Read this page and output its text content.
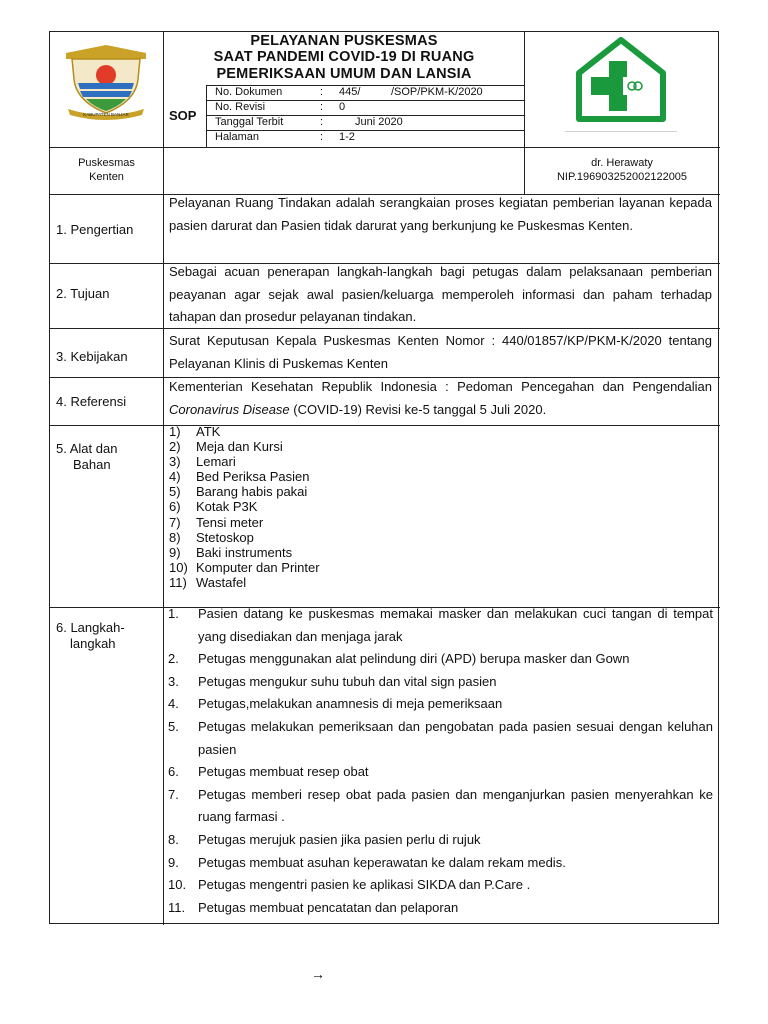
KABUPATEN BANJAR
PELAYANAN PUSKESMAS
SAAT PANDEMI COVID-19 DI RUANG
PEMERIKSAAN UMUM DAN LANSIA
SOP
No. Dokumen	: 445/          /SOP/PKM-K/2020
No. Revisi	: 0
Tanggal Terbit	:	Juni 2020
Halaman	: 1-2
Puskesmas
Kenten
dr. Herawaty
NIP.196903252002122005
1. Pengertian
Pelayanan Ruang Tindakan adalah serangkaian proses kegiatan pemberian layanan kepada pasien darurat dan Pasien tidak darurat yang berkunjung ke Puskesmas Kenten.
2. Tujuan
Sebagai acuan penerapan langkah-langkah bagi petugas dalam pelaksanaan pemberian peayanan agar sejak awal pasien/keluarga memperoleh informasi dan paham terhadap tahapan dan prosedur pelayanan tindakan.
3. Kebijakan
Surat Keputusan Kepala Puskesmas Kenten Nomor : 440/01857/KP/PKM-K/2020 tentang Pelayanan Klinis di Puskemas Kenten
4. Referensi
Kementerian Kesehatan Republik Indonesia : Pedoman Pencegahan dan Pengendalian Coronavirus Disease (COVID-19) Revisi ke-5 tanggal 5 Juli 2020.
5. Alat dan
Bahan
1)	ATK
2)	Meja dan Kursi
3)	Lemari
4)	Bed Periksa Pasien
5)	Barang habis pakai
6)	Kotak P3K
7)	Tensi meter
8)	Stetoskop
9)	Baki instruments
10) Komputer dan Printer
11) Wastafel
6. Langkah-
langkah
1.	Pasien datang ke puskesmas memakai masker dan melakukan cuci tangan di tempat yang disediakan dan menjaga jarak
2.	Petugas menggunakan alat pelindung diri (APD) berupa masker dan Gown
3.	Petugas mengukur suhu tubuh dan vital sign pasien
4.	Petugas,melakukan anamnesis di meja pemeriksaan
5.	Petugas melakukan pemeriksaan dan pengobatan pada pasien sesuai dengan keluhan pasien
6.	Petugas membuat resep obat
7.	Petugas memberi resep obat pada pasien dan menganjurkan pasien menyerahkan ke ruang farmasi .
8.	Petugas merujuk pasien jika pasien perlu di rujuk
9.	Petugas membuat asuhan keperawatan ke dalam rekam medis.
10. Petugas mengentri pasien ke aplikasi SIKDA dan P.Care .
11. Petugas membuat pencatatan dan pelaporan
→
